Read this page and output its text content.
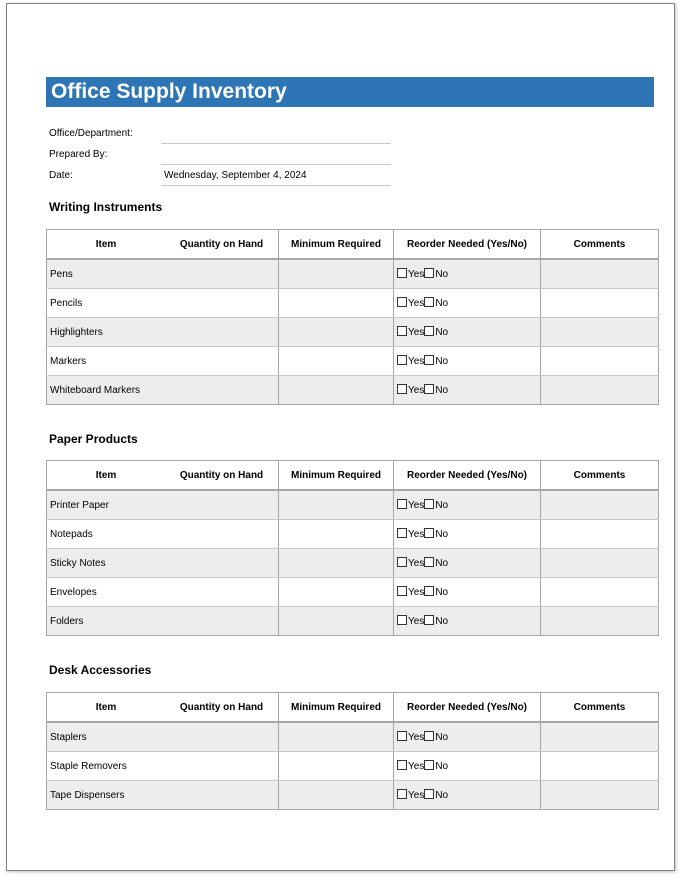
Office Supply Inventory
Office/Department:
Prepared By:
Date:	Wednesday, September 4, 2024
Writing Instruments
Item	Quantity on Hand	Minimum Required	Reorder Needed (Yes/No)	Comments
Pens			Yes No	
Pencils			Yes No	
Highlighters			Yes No	
Markers			Yes No	
Whiteboard Markers			Yes No	
Paper Products
Item	Quantity on Hand	Minimum Required	Reorder Needed (Yes/No)	Comments
Printer Paper			Yes No	
Notepads			Yes No	
Sticky Notes			Yes No	
Envelopes			Yes No	
Folders			Yes No	
Desk Accessories
Item	Quantity on Hand	Minimum Required	Reorder Needed (Yes/No)	Comments
Staplers			Yes No	
Staple Removers			Yes No	
Tape Dispensers			Yes No	
